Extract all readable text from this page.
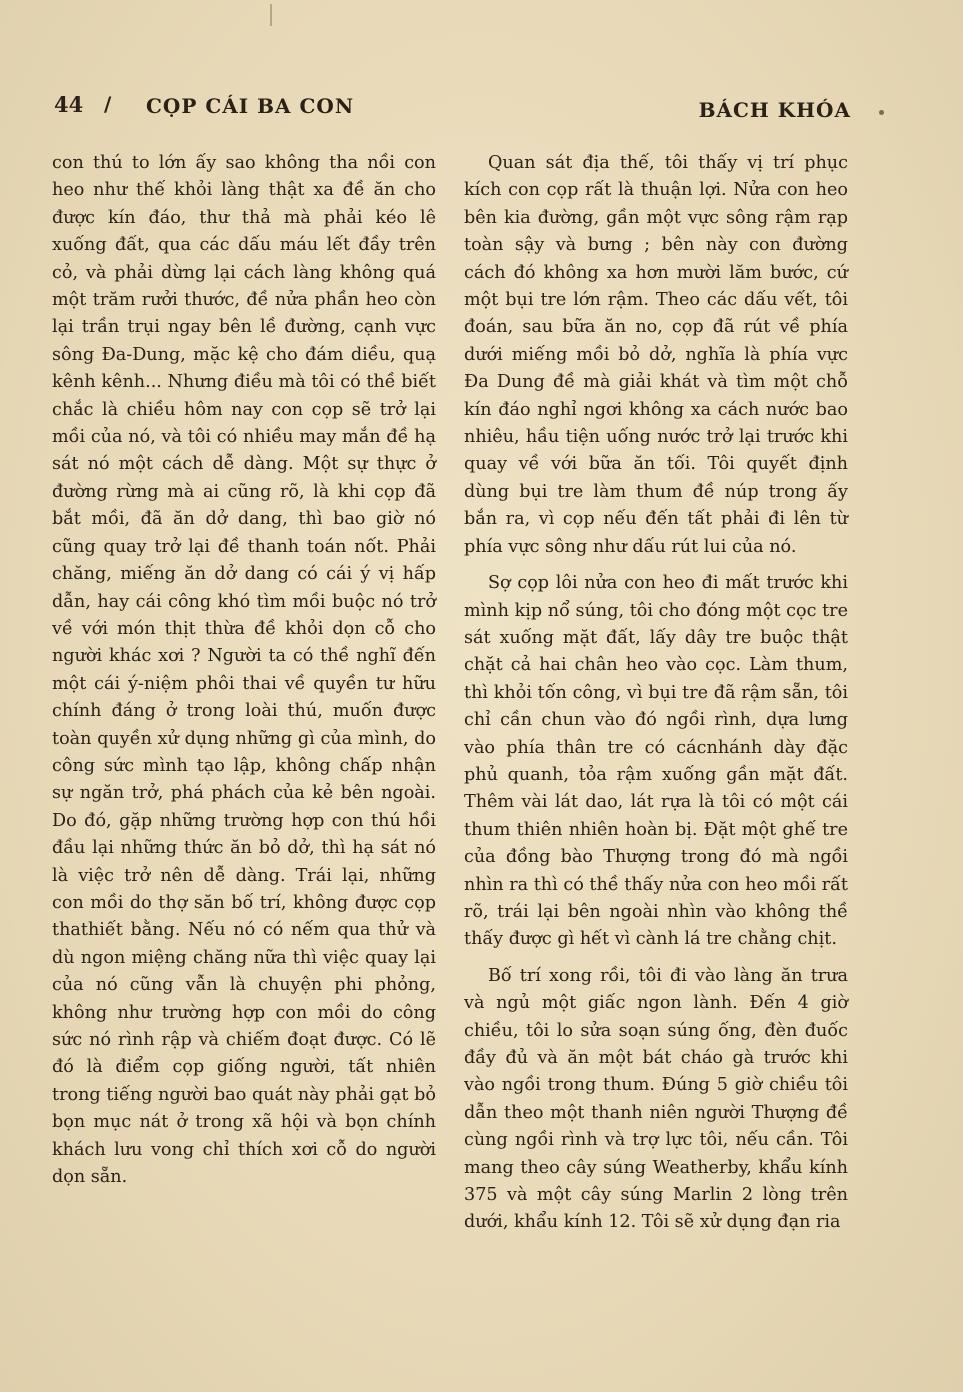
44 / CỌP CÁI BA CON	BÁCH KHÓA

con thú to lớn ấy sao không tha nồi con heo như thế khỏi làng thật xa đề ăn cho được kín đáo, thư thả mà phải kéo lê xuống đất, qua các dấu máu lết đầy trên cỏ, và phải dừng lại cách làng không quá một trăm rưởi thước, đề nửa phần heo còn lại trần trụi ngay bên lề đường, cạnh vực sông Đa-Dung, mặc kệ cho đám diều, quạ kênh kênh... Nhưng điều mà tôi có thề biết chắc là chiều hôm nay con cọp sẽ trở lại mồi của nó, và tôi có nhiều may mắn đề hạ sát nó một cách dễ dàng. Một sự thực ở đường rừng mà ai cũng rõ, là khi cọp đã bắt mồi, đã ăn dở dang, thì bao giờ nó cũng quay trở lại đề thanh toán nốt. Phải chăng, miếng ăn dở dang có cái ý vị hấp dẫn, hay cái công khó tìm mồi buộc nó trở về với món thịt thừa đề khỏi dọn cỗ cho người khác xơi ? Người ta có thề nghĩ đến một cái ý-niệm phôi thai về quyền tư hữu chính đáng ở trong loài thú, muốn được toàn quyền xử dụng những gì của mình, do công sức mình tạo lập, không chấp nhận sự ngăn trở, phá phách của kẻ bên ngoài. Do đó, gặp những trường hợp con thú hồi đầu lại những thức ăn bỏ dở, thì hạ sát nó là việc trở nên dễ dàng. Trái lại, những con mồi do thợ săn bố trí, không được cọp thathiết bằng. Nếu nó có nếm qua thử và dù ngon miệng chăng nữa thì việc quay lại của nó cũng vẫn là chuyện phi phỏng, không như trường hợp con mồi do công sức nó rình rập và chiếm đoạt được. Có lẽ đó là điểm cọp giống người, tất nhiên trong tiếng người bao quát này phải gạt bỏ bọn mục nát ở trong xã hội và bọn chính khách lưu vong chỉ thích xơi cỗ do người dọn sẵn.

Quan sát địa thế, tôi thấy vị trí phục kích con cọp rất là thuận lợi. Nửa con heo bên kia đường, gần một vực sông rậm rạp toàn sậy và bưng ; bên này con đường cách đó không xa hơn mười lăm bước, cứ một bụi tre lớn rậm. Theo các dấu vết, tôi đoán, sau bữa ăn no, cọp đã rút về phía dưới miếng mồi bỏ dở, nghĩa là phía vực Đa Dung đề mà giải khát và tìm một chỗ kín đáo nghỉ ngơi không xa cách nước bao nhiêu, hầu tiện uống nước trở lại trước khi quay về với bữa ăn tối. Tôi quyết định dùng bụi tre làm thum đề núp trong ấy bắn ra, vì cọp nếu đến tất phải đi lên từ phía vực sông như dấu rút lui của nó.

Sợ cọp lôi nửa con heo đi mất trước khi mình kịp nổ súng, tôi cho đóng một cọc tre sát xuống mặt đất, lấy dây tre buộc thật chặt cả hai chân heo vào cọc. Làm thum, thì khỏi tốn công, vì bụi tre đã rậm sẵn, tôi chỉ cần chun vào đó ngồi rình, dựa lưng vào phía thân tre có cácnhánh dày đặc phủ quanh, tỏa rậm xuống gần mặt đất. Thêm vài lát dao, lát rựa là tôi có một cái thum thiên nhiên hoàn bị. Đặt một ghế tre của đồng bào Thượng trong đó mà ngồi nhìn ra thì có thề thấy nửa con heo mồi rất rõ, trái lại bên ngoài nhìn vào không thề thấy được gì hết vì cành lá tre chằng chịt.

Bố trí xong rồi, tôi đi vào làng ăn trưa và ngủ một giấc ngon lành. Đến 4 giờ chiều, tôi lo sửa soạn súng ống, đèn đuốc đầy đủ và ăn một bát cháo gà trước khi vào ngồi trong thum. Đúng 5 giờ chiều tôi dẫn theo một thanh niên người Thượng đề cùng ngồi rình và trợ lực tôi, nếu cần. Tôi mang theo cây súng Weatherby, khẩu kính 375 và một cây súng Marlin 2 lòng trên dưới, khẩu kính 12. Tôi sẽ xử dụng đạn ria
